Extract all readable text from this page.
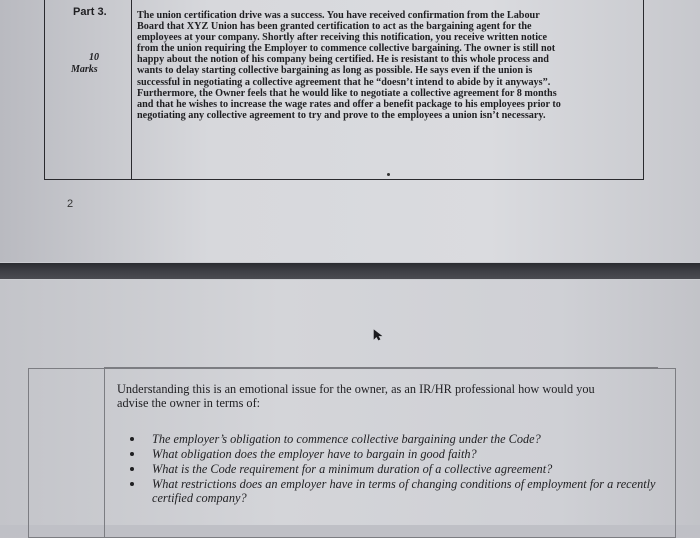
Part 3.
10
Marks
The union certification drive was a success. You have received confirmation from the Labour
Board that XYZ Union has been granted certification to act as the bargaining agent for the
employees at your company. Shortly after receiving this notification, you receive written notice
from the union requiring the Employer to commence collective bargaining. The owner is still not
happy about the notion of his company being certified. He is resistant to this whole process and
wants to delay starting collective bargaining as long as possible. He says even if the union is
successful in negotiating a collective agreement that he “doesn’t intend to abide by it anyways”.
Furthermore, the Owner feels that he would like to negotiate a collective agreement for 8 months
and that he wishes to increase the wage rates and offer a benefit package to his employees prior to
negotiating any collective agreement to try and prove to the employees a union isn’t necessary.
2
Understanding this is an emotional issue for the owner, as an IR/HR professional how would you
advise the owner in terms of:
The employer’s obligation to commence collective bargaining under the Code?
What obligation does the employer have to bargain in good faith?
What is the Code requirement for a minimum duration of a collective agreement?
What restrictions does an employer have in terms of changing conditions of employment for a recently certified company?
